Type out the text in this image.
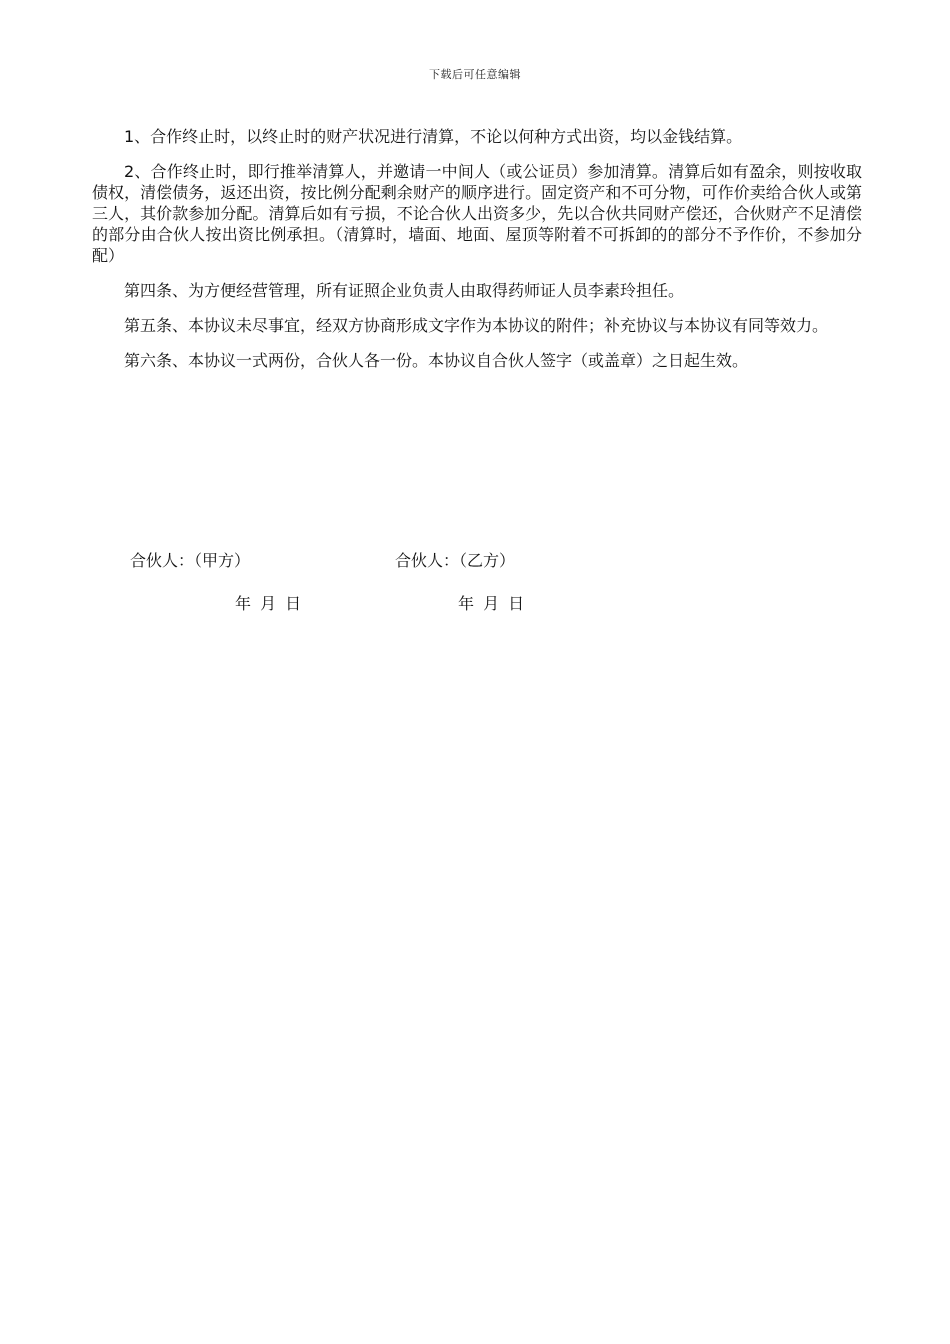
下载后可任意编辑

1、合作终止时，以终止时的财产状况进行清算，不论以何种方式出资，均以金钱结算。

2、合作终止时，即行推举清算人，并邀请一中间人（或公证员）参加清算。清算后如有盈余，则按收取债权，清偿债务，返还出资，按比例分配剩余财产的顺序进行。固定资产和不可分物，可作价卖给合伙人或第三人，其价款参加分配。清算后如有亏损，不论合伙人出资多少，先以合伙共同财产偿还，合伙财产不足清偿的部分由合伙人按出资比例承担。（清算时，墙面、地面、屋顶等附着不可拆卸的的部分不予作价，不参加分配）

第四条、为方便经营管理，所有证照企业负责人由取得药师证人员李素玲担任。

第五条、本协议未尽事宜，经双方协商形成文字作为本协议的附件；补充协议与本协议有同等效力。

第六条、本协议一式两份，合伙人各一份。本协议自合伙人签字（或盖章）之日起生效。

合伙人：（甲方）	合伙人：（乙方）
年 月 日	年 月 日
